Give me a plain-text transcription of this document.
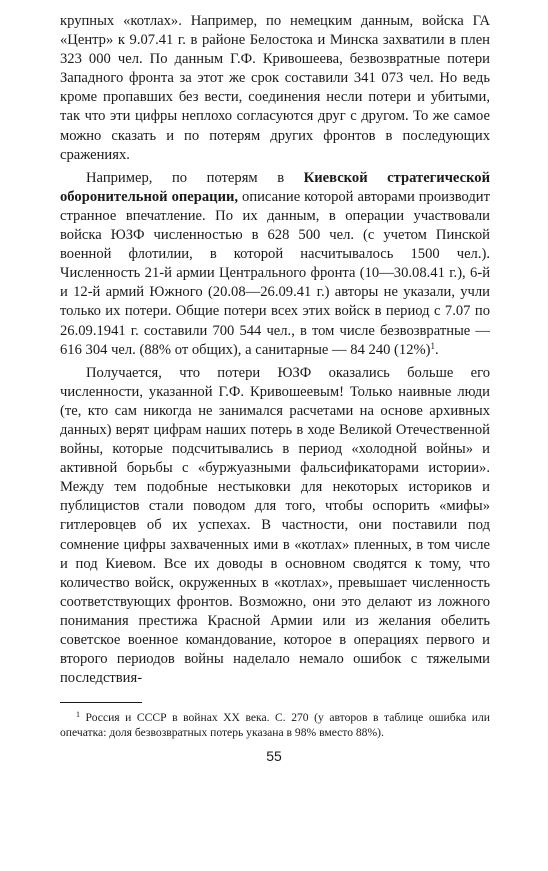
крупных «котлах». Например, по немецким данным, войска ГА «Центр» к 9.07.41 г. в районе Белостока и Минска захватили в плен 323 000 чел. По данным Г.Ф. Кривошеева, безвозвратные потери Западного фронта за этот же срок составили 341 073 чел. Но ведь кроме пропавших без вести, соединения несли потери и убитыми, так что эти цифры неплохо согласуются друг с другом. То же самое можно сказать и по потерям других фронтов в последующих сражениях.

Например, по потерям в Киевской стратегической оборонительной операции, описание которой авторами производит странное впечатление. По их данным, в операции участвовали войска ЮЗФ численностью в 628 500 чел. (с учетом Пинской военной флотилии, в которой насчитывалось 1500 чел.). Численность 21-й армии Центрального фронта (10—30.08.41 г.), 6-й и 12-й армий Южного (20.08—26.09.41 г.) авторы не указали, учли только их потери. Общие потери всех этих войск в период с 7.07 по 26.09.1941 г. составили 700 544 чел., в том числе безвозвратные — 616 304 чел. (88% от общих), а санитарные — 84 240 $(12\%)^1$.

Получается, что потери ЮЗФ оказались больше его численности, указанной Г.Ф. Кривошеевым! Только наивные люди (те, кто сам никогда не занимался расчетами на основе архивных данных) верят цифрам наших потерь в ходе Великой Отечественной войны, которые подсчитывались в период «холодной войны» и активной борьбы с «буржуазными фальсификаторами истории». Между тем подобные нестыковки для некоторых историков и публицистов стали поводом для того, чтобы оспорить «мифы» гитлеровцев об их успехах. В частности, они поставили под сомнение цифры захваченных ими в «котлах» пленных, в том числе и под Киевом. Все их доводы в основном сводятся к тому, что количество войск, окруженных в «котлах», превышает численность соответствующих фронтов. Возможно, они это делают из ложного понимания престижа Красной Армии или из желания обелить советское военное командование, которое в операциях первого и второго периодов войны наделало немало ошибок с тяжелыми последствия-

$^1$ Россия и СССР в войнах XX века. С. 270 (у авторов в таблице ошибка или опечатка: доля безвозвратных потерь указана в 98% вместо 88%).

55
